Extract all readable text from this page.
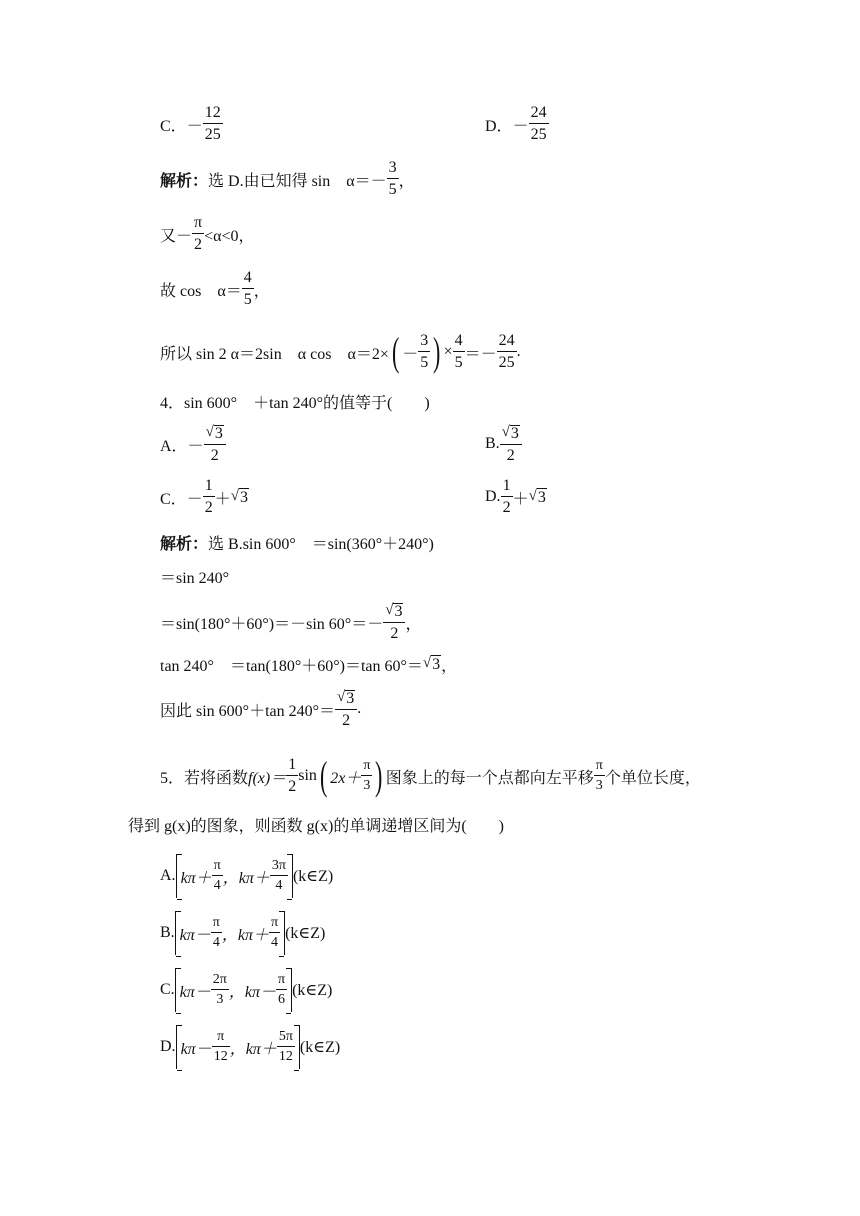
C． － $\frac{12}{25}$	D． － $\frac{24}{25}$
解析： 选 D.由已知得 sin　$\alpha=- \frac{3}{5}$ ，
又－ $\frac{\pi}{2} <\alpha<0$，
故 cos　$\alpha= \frac{4}{5}$ ，
所以 sin 2 α＝2sin　α cos　α＝2× ( － $\frac{3}{5}$ ) × $\frac{4}{5} =- \frac{24}{25}$ .
4．sin 600°　＋tan 240°的值等于(　　)
A． － $\frac{√ 3}{2}$	B. $\frac{√ 3}{2}$
C． － $\frac{1}{2}$ ＋ √ 3	D. $\frac{1}{2}$ ＋ √ 3
解析： 选 B.sin 600°　＝sin(360°＋240°)
＝sin 240°
＝sin(180°＋60°)＝－sin $60^\circ=- \frac{√ 3}{2}$ ，
tan 240°　＝tan(180°＋60°)＝tan 60°＝ √ 3 ，
因此 sin 600°＋tan $240^\circ= \frac{√ 3}{2}$ .
5．若将函数 $f(x)= \frac{1}{2}$ sin ( $2x+ \frac{\pi}{3}$ ) 图象上的每一个点都向左平移 $\frac{\pi}{3}$ 个单位长度，
得到 g(x)的图象，则函数 g(x)的单调递增区间为(　　)
A. $k\pi+ \frac{\pi}{4}$ ，$k\pi+ \frac{3\pi}{4}$ (k∈Z)
B. $k\pi- \frac{\pi}{4}$ ，$k\pi+ \frac{\pi}{4}$ (k∈Z)
C. $k\pi- \frac{2\pi}{3}$ ，$k\pi- \frac{\pi}{6}$ (k∈Z)
D. $k\pi- \frac{\pi}{12}$ ，$k\pi+ \frac{5\pi}{12}$ (k∈Z)
